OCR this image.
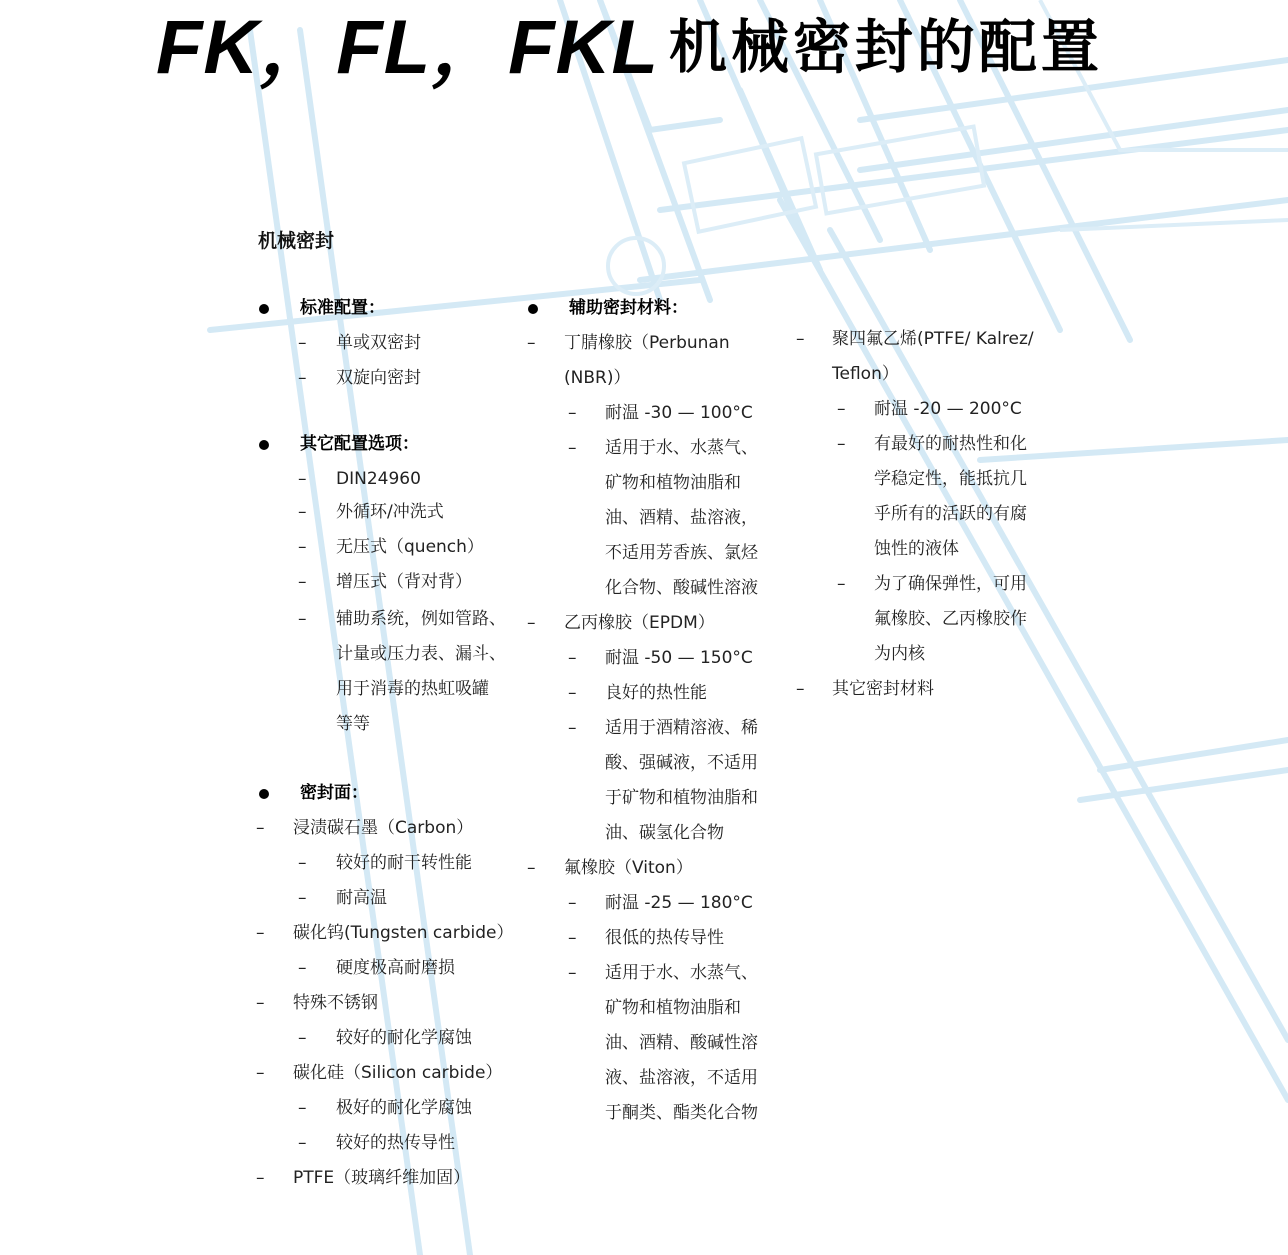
FK，FL，FKL 机械密封的配置
机械密封
标准配置：
– 单或双密封
– 双旋向密封
其它配置选项：
– DIN24960
– 外循环/冲洗式
– 无压式（quench）
– 增压式（背对背）
– 辅助系统，例如管路、
计量或压力表、漏斗、
用于消毒的热虹吸罐
等等
密封面：
– 浸渍碳石墨（Carbon）
– 较好的耐干转性能
– 耐高温
– 碳化钨(Tungsten carbide）
– 硬度极高耐磨损
– 特殊不锈钢
– 较好的耐化学腐蚀
– 碳化硅（Silicon carbide）
– 极好的耐化学腐蚀
– 较好的热传导性
– PTFE（玻璃纤维加固）
辅助密封材料：
– 丁腈橡胶（Perbunan
(NBR)）
– 耐温 -30 — 100°C
– 适用于水、水蒸气、
矿物和植物油脂和
油、酒精、盐溶液，
不适用芳香族、氯烃
化合物、酸碱性溶液
– 乙丙橡胶（EPDM）
– 耐温 -50 — 150°C
– 良好的热性能
– 适用于酒精溶液、稀
酸、强碱液，不适用
于矿物和植物油脂和
油、碳氢化合物
– 氟橡胶（Viton）
– 耐温 -25 — 180°C
– 很低的热传导性
– 适用于水、水蒸气、
矿物和植物油脂和
油、酒精、酸碱性溶
液、盐溶液，不适用
于酮类、酯类化合物
– 聚四氟乙烯(PTFE/ Kalrez/
Teflon）
– 耐温 -20 — 200°C
– 有最好的耐热性和化
学稳定性，能抵抗几
乎所有的活跃的有腐
蚀性的液体
– 为了确保弹性，可用
氟橡胶、乙丙橡胶作
为内核
– 其它密封材料
